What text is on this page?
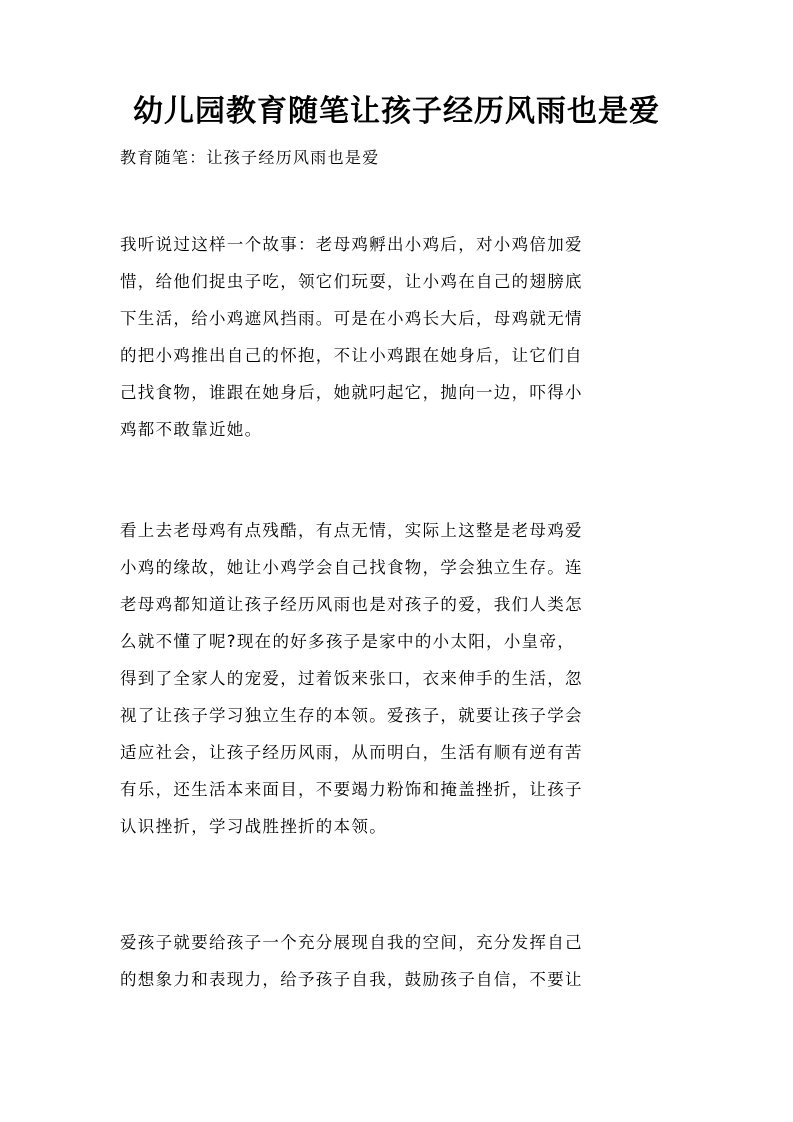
幼儿园教育随笔让孩子经历风雨也是爱

教育随笔：让孩子经历风雨也是爱

我听说过这样一个故事：老母鸡孵出小鸡后，对小鸡倍加爱
惜，给他们捉虫子吃，领它们玩耍，让小鸡在自己的翅膀底
下生活，给小鸡遮风挡雨。可是在小鸡长大后，母鸡就无情
的把小鸡推出自己的怀抱，不让小鸡跟在她身后，让它们自
己找食物，谁跟在她身后，她就叼起它，抛向一边，吓得小
鸡都不敢靠近她。
看上去老母鸡有点残酷，有点无情，实际上这整是老母鸡爱
小鸡的缘故，她让小鸡学会自己找食物，学会独立生存。连
老母鸡都知道让孩子经历风雨也是对孩子的爱，我们人类怎
么就不懂了呢?现在的好多孩子是家中的小太阳，小皇帝，
得到了全家人的宠爱，过着饭来张口，衣来伸手的生活，忽
视了让孩子学习独立生存的本领。爱孩子，就要让孩子学会
适应社会，让孩子经历风雨，从而明白，生活有顺有逆有苦
有乐，还生活本来面目，不要竭力粉饰和掩盖挫折，让孩子
认识挫折，学习战胜挫折的本领。
爱孩子就要给孩子一个充分展现自我的空间，充分发挥自己
的想象力和表现力，给予孩子自我，鼓励孩子自信，不要让
